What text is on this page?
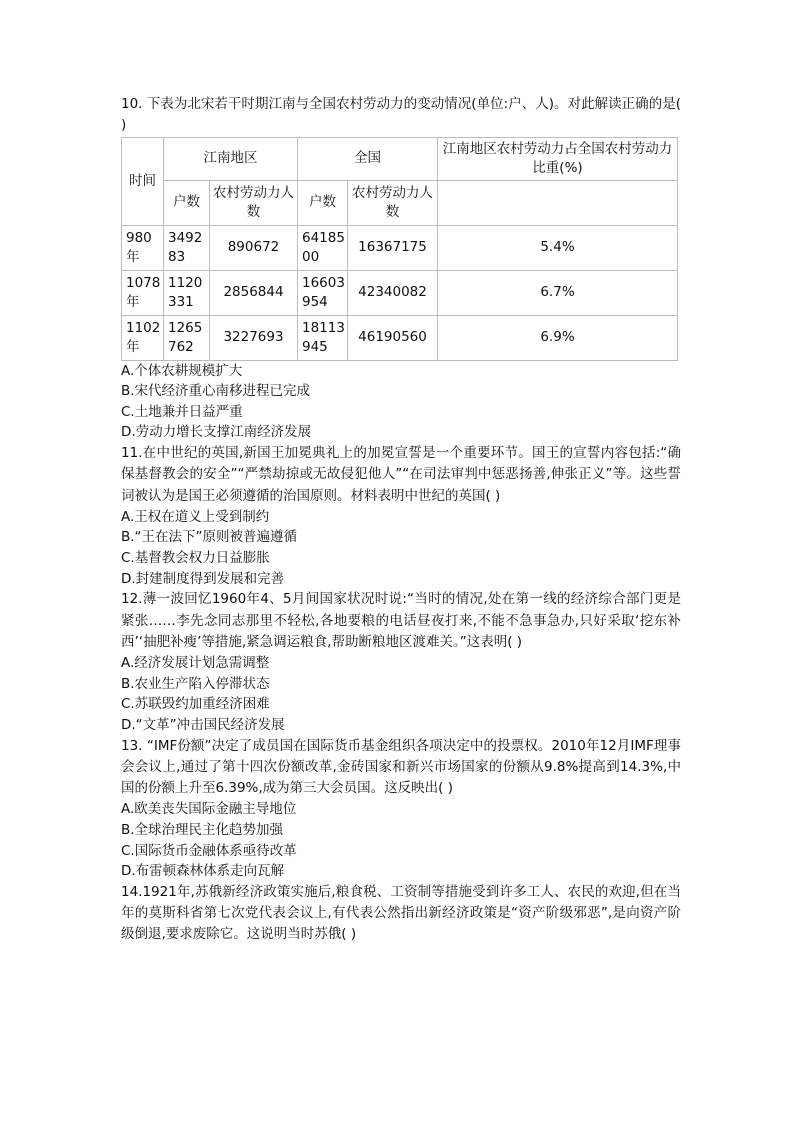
10. 下表为北宋若干时期江南与全国农村劳动力的变动情况(单位:户、人)。对此解读正确的是( )

时间	江南地区		全国		江南地区农村劳动力占全国农村劳动力比重(%)
	户数	农村劳动力人数	户数	农村劳动力人数	
980年	349283	890672	6418500	16367175	5.4%
1078年	1120331	2856844	16603954	42340082	6.7%
1102年	1265762	3227693	18113945	46190560	6.9%

A.个体农耕规模扩大

B.宋代经济重心南移进程已完成

C.土地兼并日益严重

D.劳动力增长支撑江南经济发展

11.在中世纪的英国,新国王加冕典礼上的加冕宣誓是一个重要环节。国王的宣誓内容包括:“确保基督教会的安全”“严禁劫掠或无故侵犯他人”“在司法审判中惩恶扬善,伸张正义”等。这些誓词被认为是国王必须遵循的治国原则。材料表明中世纪的英国( )

A.王权在道义上受到制约

B.“王在法下”原则被普遍遵循

C.基督教会权力日益膨胀

D.封建制度得到发展和完善

12.薄一波回忆1960年4、5月间国家状况时说:“当时的情况,处在第一线的经济综合部门更是紧张……李先念同志那里不轻松,各地要粮的电话昼夜打来,不能不急事急办,只好采取‘挖东补西’‘抽肥补瘦’等措施,紧急调运粮食,帮助断粮地区渡难关。”这表明( )

A.经济发展计划急需调整

B.农业生产陷入停滞状态

C.苏联毁约加重经济困难

D.“文革”冲击国民经济发展

13. “IMF份额”决定了成员国在国际货币基金组织各项决定中的投票权。2010年12月IMF理事会会议上,通过了第十四次份额改革,金砖国家和新兴市场国家的份额从9.8%提高到14.3%,中国的份额上升至6.39%,成为第三大会员国。这反映出( )

A.欧美丧失国际金融主导地位

B.全球治理民主化趋势加强

C.国际货币金融体系亟待改革

D.布雷顿森林体系走向瓦解

14.1921年,苏俄新经济政策实施后,粮食税、工资制等措施受到许多工人、农民的欢迎,但在当年的莫斯科省第七次党代表会议上,有代表公然指出新经济政策是“资产阶级邪恶”,是向资产阶级倒退,要求废除它。这说明当时苏俄( )
